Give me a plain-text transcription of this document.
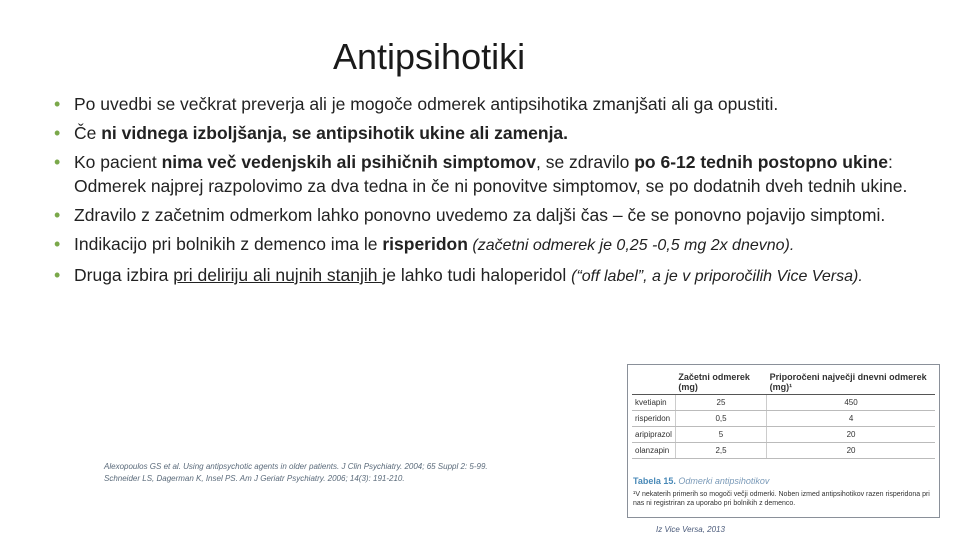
Antipsihotiki
• Po uvedbi se večkrat preverja ali je mogoče odmerek antipsihotika zmanjšati ali ga opustiti.
• Če ni vidnega izboljšanja, se antipsihotik ukine ali zamenja.
• Ko pacient nima več vedenjskih ali psihičnih simptomov, se zdravilo po 6-12 tednih postopno ukine: Odmerek najprej razpolovimo za dva tedna in če ni ponovitve simptomov, se po dodatnih dveh tednih ukine.
• Zdravilo z začetnim odmerkom lahko ponovno uvedemo za daljši čas – če se ponovno pojavijo simptomi.
• Indikacijo pri bolnikih z demenco ima le risperidon (začetni odmerek je 0,25 -0,5 mg 2x dnevno).
• Druga izbira pri deliriju ali nujnih stanjih je lahko tudi haloperidol (“off label”, a je v priporočilih Vice Versa).
Alexopoulos GS et al. Using antipsychotic agents in older patients. J Clin Psychiatry. 2004; 65 Suppl 2: 5-99.
Schneider LS, Dagerman K, Insel PS. Am J Geriatr Psychiatry. 2006; 14(3): 191-210.
	Začetni odmerek (mg)	Priporočeni največji dnevni odmerek (mg)¹
kvetiapin	25	450
risperidon	0,5	4
aripiprazol	5	20
olanzapin	2,5	20
Tabela 15. Odmerki antipsihotikov
¹V nekaterih primerih so mogoči večji odmerki. Noben izmed antipsihotikov razen risperidona pri nas ni registriran za uporabo pri bolnikih z demenco.
Iz Vice Versa, 2013
